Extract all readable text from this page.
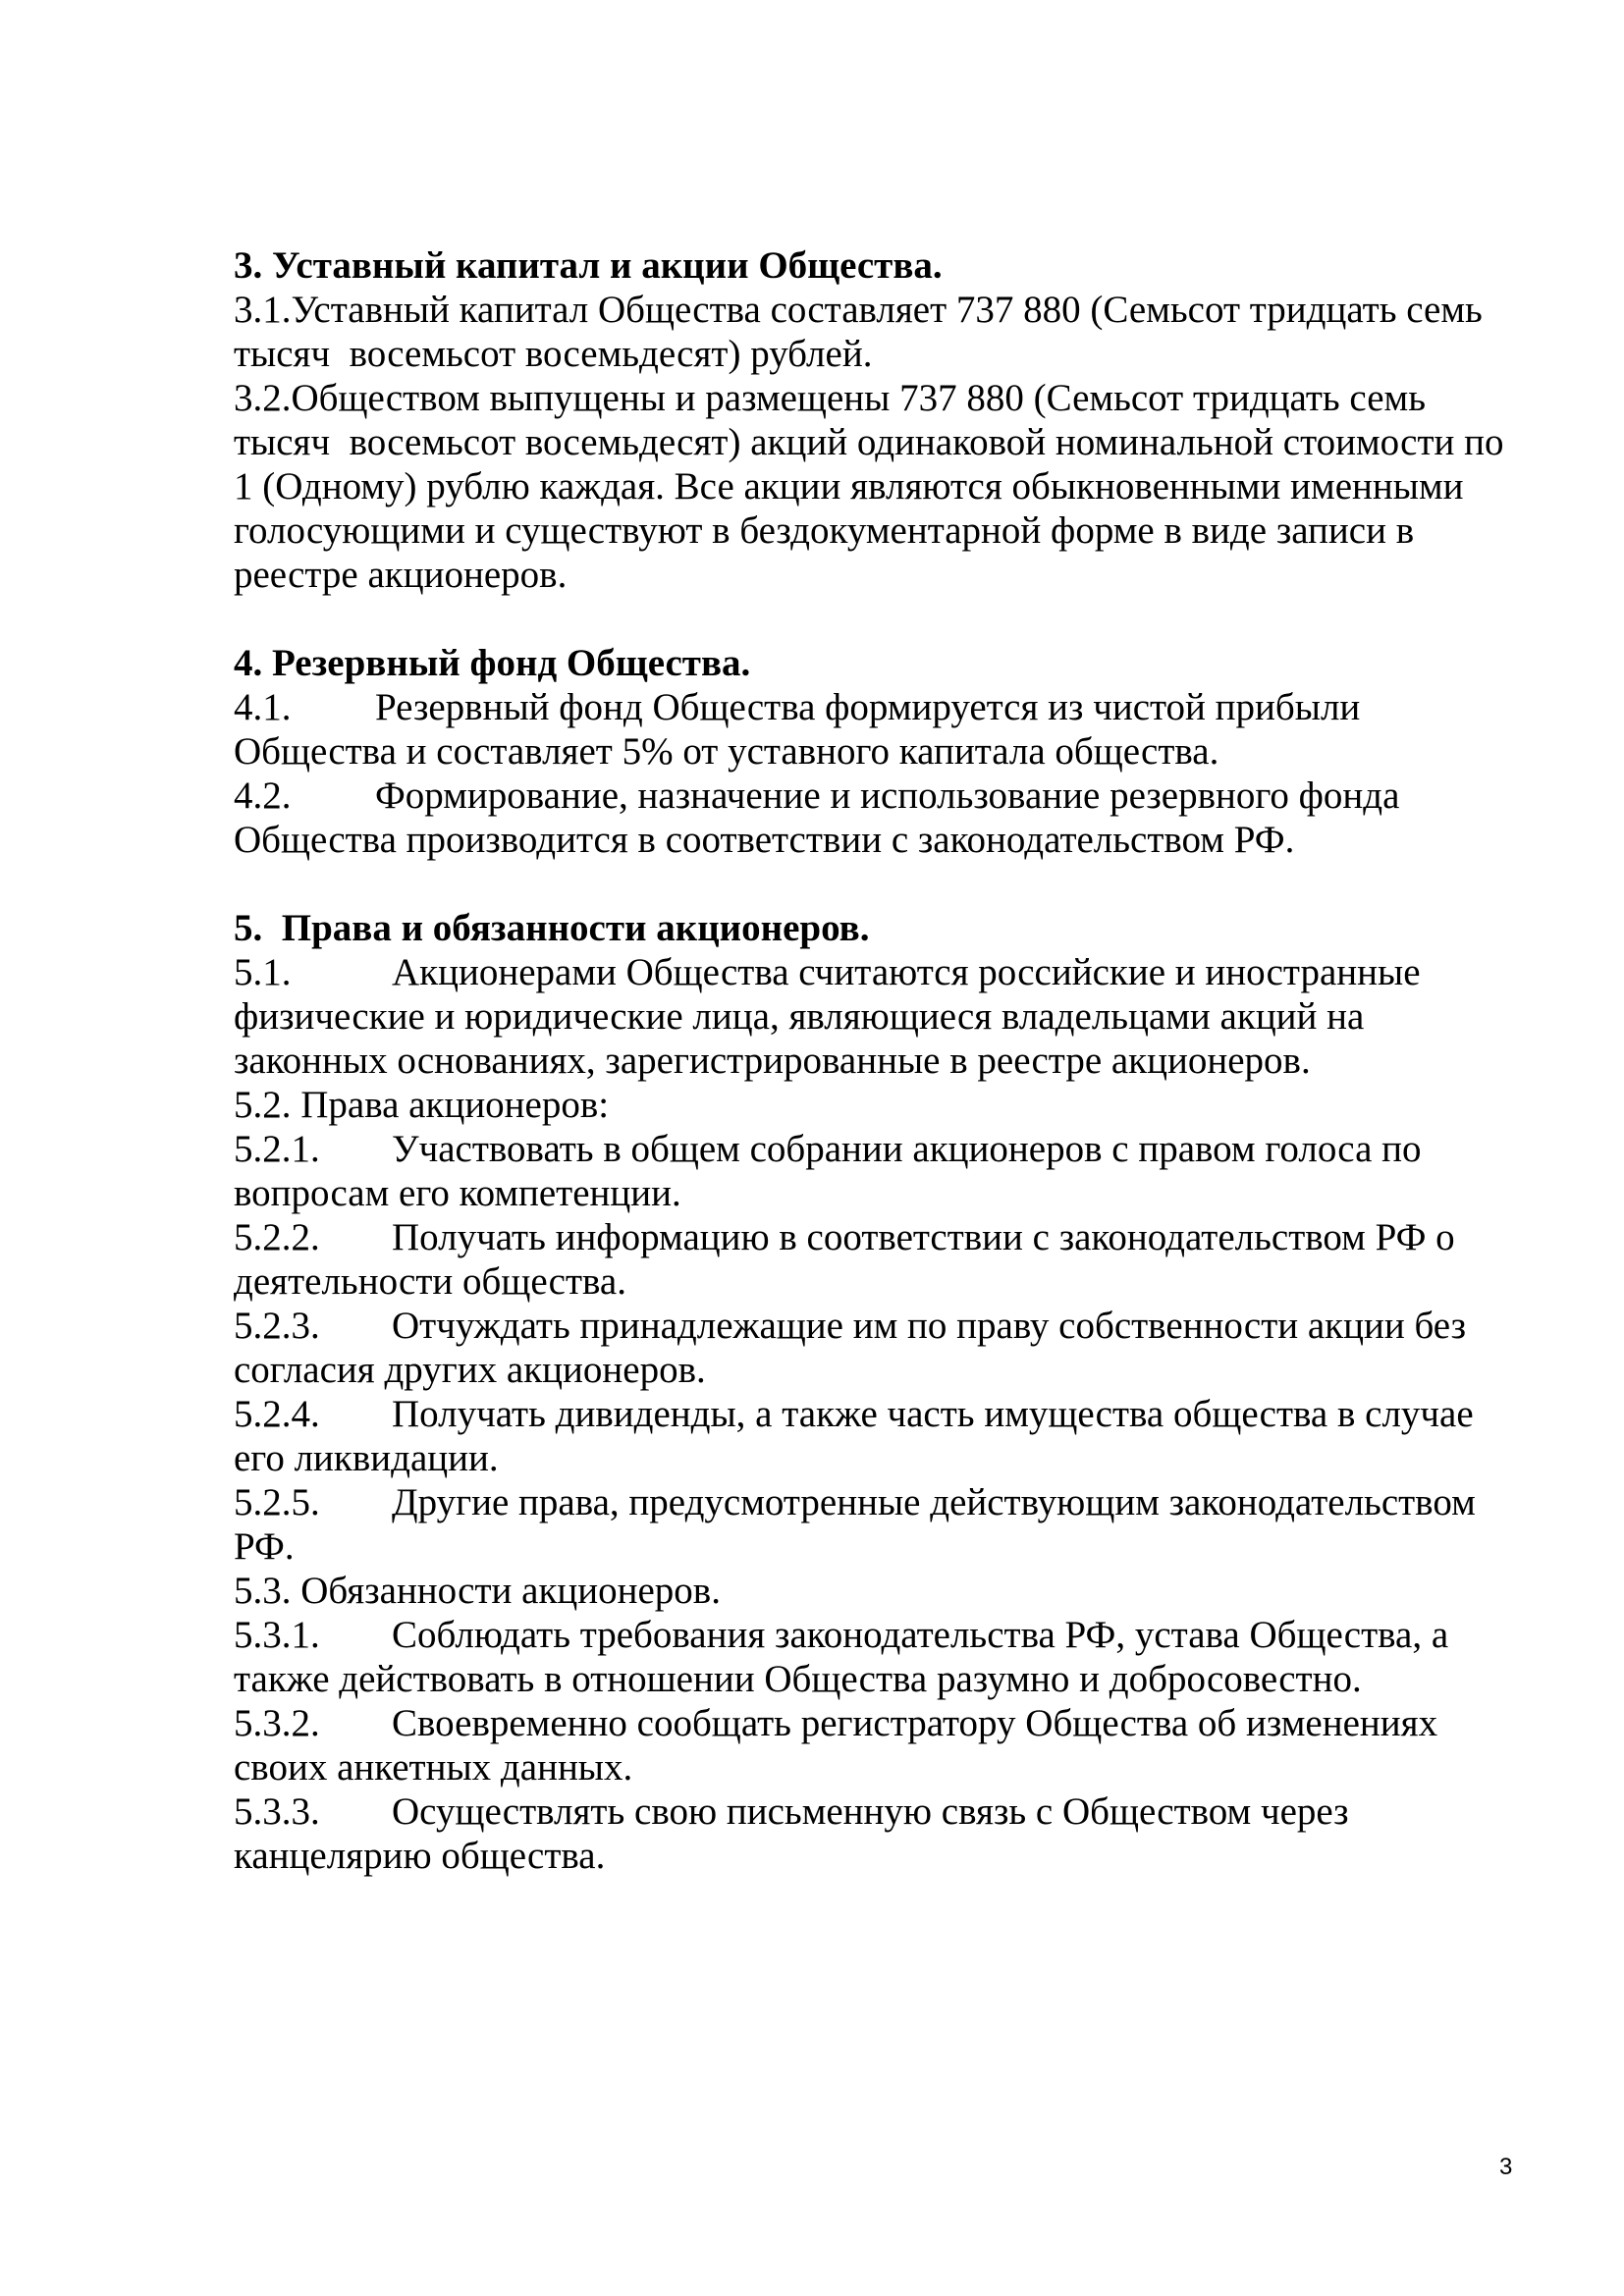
3. Уставный капитал и акции Общества.
3.1.Уставный капитал Общества составляет 737 880 (Семьсот тридцать семь
тысяч  восемьсот восемьдесят) рублей.
3.2.Обществом выпущены и размещены 737 880 (Семьсот тридцать семь
тысяч  восемьсот восемьдесят) акций одинаковой номинальной стоимости по
1 (Одному) рублю каждая. Все акции являются обыкновенными именными
голосующими и существуют в бездокументарной форме в виде записи в
реестре акционеров.
4. Резервный фонд Общества.
4.1. Резервный фонд Общества формируется из чистой прибыли
Общества и составляет 5% от уставного капитала общества.
4.2. Формирование, назначение и использование резервного фонда
Общества производится в соответствии с законодательством РФ.
5.  Права и обязанности акционеров.
5.1.	Акционерами Общества считаются российские и иностранные
физические и юридические лица, являющиеся владельцами акций на
законных основаниях, зарегистрированные в реестре акционеров.
5.2. Права акционеров:
5.2.1. Участвовать в общем собрании акционеров с правом голоса по
вопросам его компетенции.
5.2.2. Получать информацию в соответствии с законодательством РФ о
деятельности общества.
5.2.3. Отчуждать принадлежащие им по праву собственности акции без
согласия других акционеров.
5.2.4. Получать дивиденды, а также часть имущества общества в случае
его ликвидации.
5.2.5. Другие права, предусмотренные действующим законодательством
РФ.
5.3. Обязанности акционеров.
5.3.1. Соблюдать требования законодательства РФ, устава Общества, а
также действовать в отношении Общества разумно и добросовестно.
5.3.2. Своевременно сообщать регистратору Общества об изменениях
своих анкетных данных.
5.3.3. Осуществлять свою письменную связь с Обществом через
канцелярию общества.
3
